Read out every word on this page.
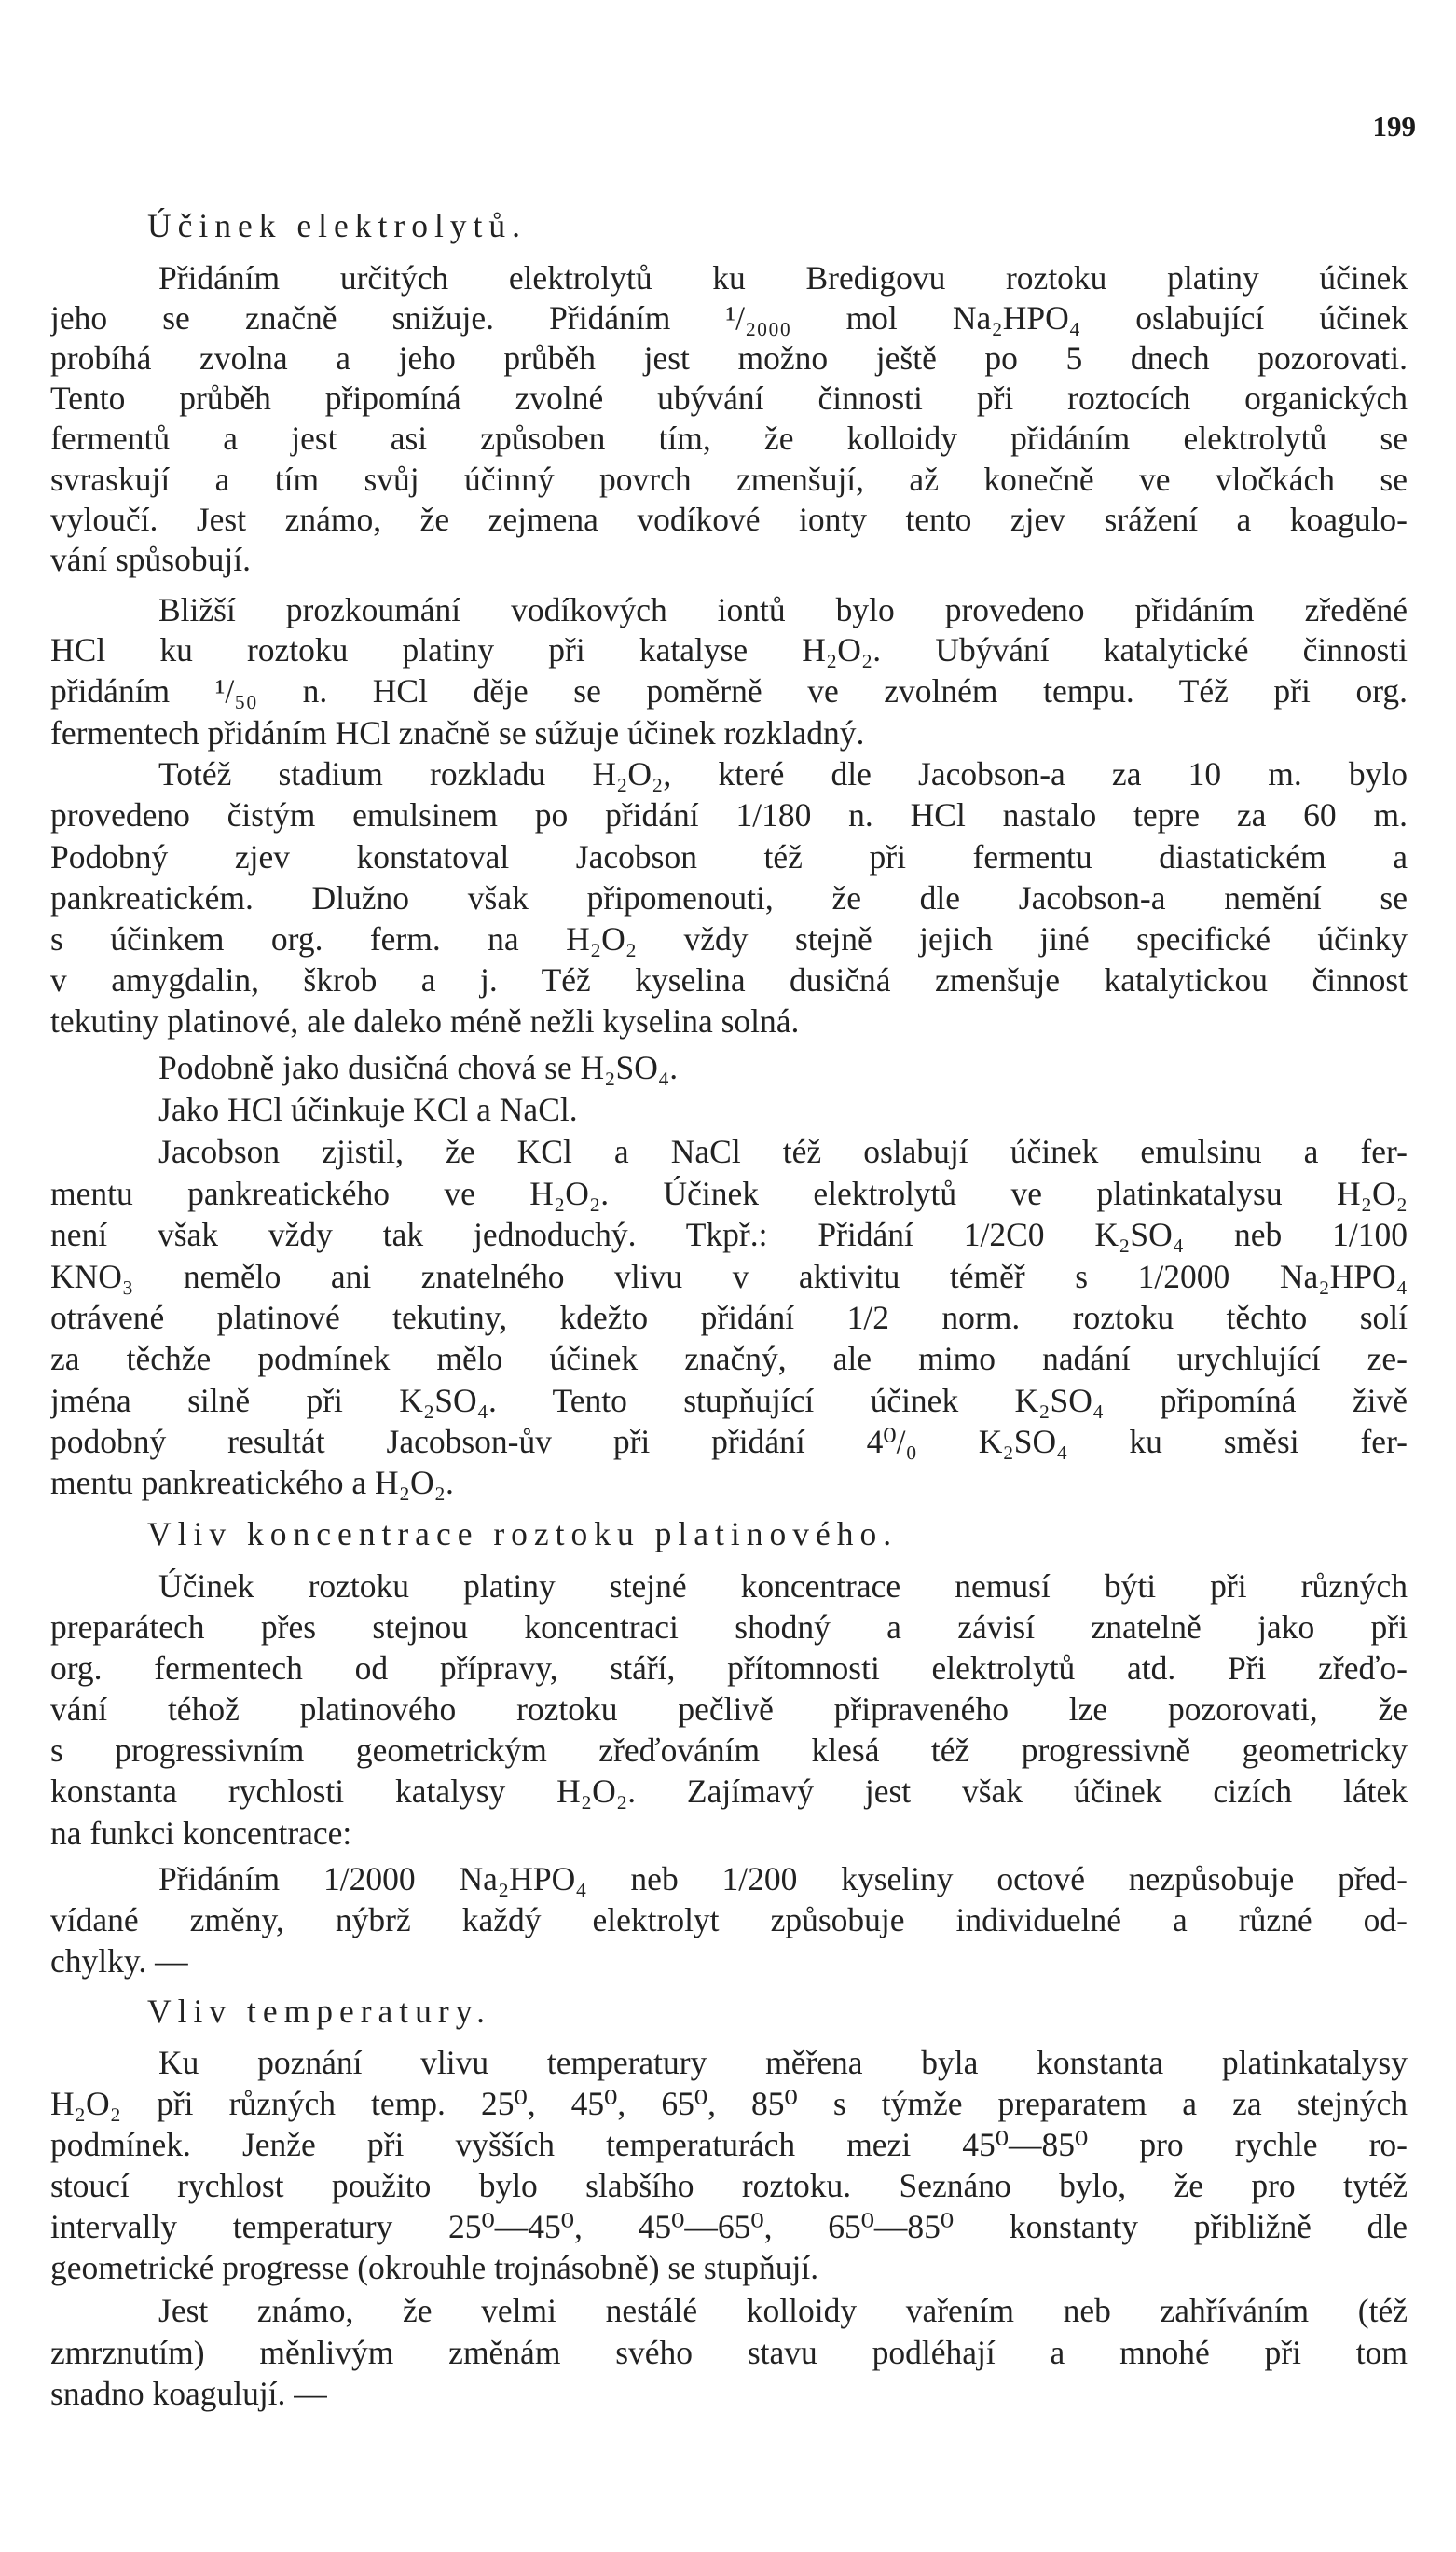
199
Účinek elektrolytů.
Přidáním určitých elektrolytů ku Bredigovu roztoku platiny účinek
jeho se značně snižuje. Přidáním ¹/₂₀₀₀ mol Na₂HPO₄ oslabující účinek
probíhá zvolna a jeho průběh jest možno ještě po 5 dnech pozorovati.
Tento průběh připomíná zvolné ubývání činnosti při roztocích organických
fermentů a jest asi způsoben tím, že kolloidy přidáním elektrolytů se
svraskují a tím svůj účinný povrch zmenšují, až konečně ve vločkách se
vyloučí. Jest známo, že zejmena vodíkové ionty tento zjev srážení a koagulo-
vání spůsobují.
Bližší prozkoumání vodíkových iontů bylo provedeno přidáním zředěné
HCl ku roztoku platiny při katalyse H₂O₂. Ubývání katalytické činnosti
přidáním ¹/₅₀ n. HCl děje se poměrně ve zvolném tempu. Též při org.
fermentech přidáním HCl značně se súžuje účinek rozkladný.
Totéž stadium rozkladu H₂O₂, které dle Jacobson-a za 10 m. bylo
provedeno čistým emulsinem po přidání 1/180 n. HCl nastalo tepre za 60 m.
Podobný zjev konstatoval Jacobson též při fermentu diastatickém a
pankreatickém. Dlužno však připomenouti, že dle Jacobson-a nemění se
s účinkem org. ferm. na H₂O₂ vždy stejně jejich jiné specifické účinky
v amygdalin, škrob a j. Též kyselina dusičná zmenšuje katalytickou činnost
tekutiny platinové, ale daleko méně nežli kyselina solná.
Podobně jako dusičná chová se H₂SO₄.
Jako HCl účinkuje KCl a NaCl.
Jacobson zjistil, že KCl a NaCl též oslabují účinek emulsinu a fer-
mentu pankreatického ve H₂O₂. Účinek elektrolytů ve platinkatalysu H₂O₂
není však vždy tak jednoduchý. Tkpř.: Přidání 1/2C0 K₂SO₄ neb 1/100
KNO₃ nemělo ani znatelného vlivu v aktivitu téměř s 1/2000 Na₂HPO₄
otrávené platinové tekutiny, kdežto přidání 1/2 norm. roztoku těchto solí
za těchže podmínek mělo účinek značný, ale mimo nadání urychlující ze-
jména silně při K₂SO₄. Tento stupňující účinek K₂SO₄ připomíná živě
podobný resultát Jacobson-ův při přidání 4⁰/₀ K₂SO₄ ku směsi fer-
mentu pankreatického a H₂O₂.
Vliv koncentrace roztoku platinového.
Účinek roztoku platiny stejné koncentrace nemusí býti při různých
preparátech přes stejnou koncentraci shodný a závisí znatelně jako při
org. fermentech od přípravy, stáří, přítomnosti elektrolytů atd. Při zřeďo-
vání téhož platinového roztoku pečlivě připraveného lze pozorovati, že
s progressivním geometrickým zřeďováním klesá též progressivně geometricky
konstanta rychlosti katalysy H₂O₂. Zajímavý jest však účinek cizích látek
na funkci koncentrace:
Přidáním 1/2000 Na₂HPO₄ neb 1/200 kyseliny octové nezpůsobuje před-
vídané změny, nýbrž každý elektrolyt způsobuje individuelné a různé od-
chylky. —
Vliv temperatury.
Ku poznání vlivu temperatury měřena byla konstanta platinkatalysy
H₂O₂ při různých temp. 25⁰, 45⁰, 65⁰, 85⁰ s týmže preparatem a za stejných
podmínek. Jenže při vyšších temperaturách mezi 45⁰—85⁰ pro rychle ro-
stoucí rychlost použito bylo slabšího roztoku. Seznáno bylo, že pro tytéž
intervally temperatury 25⁰—45⁰, 45⁰—65⁰, 65⁰—85⁰ konstanty přibližně dle
geometrické progresse (okrouhle trojnásobně) se stupňují.
Jest známo, že velmi nestálé kolloidy vařením neb zahříváním (též
zmrznutím) měnlivým změnám svého stavu podléhají a mnohé při tom
snadno koagulují. —
